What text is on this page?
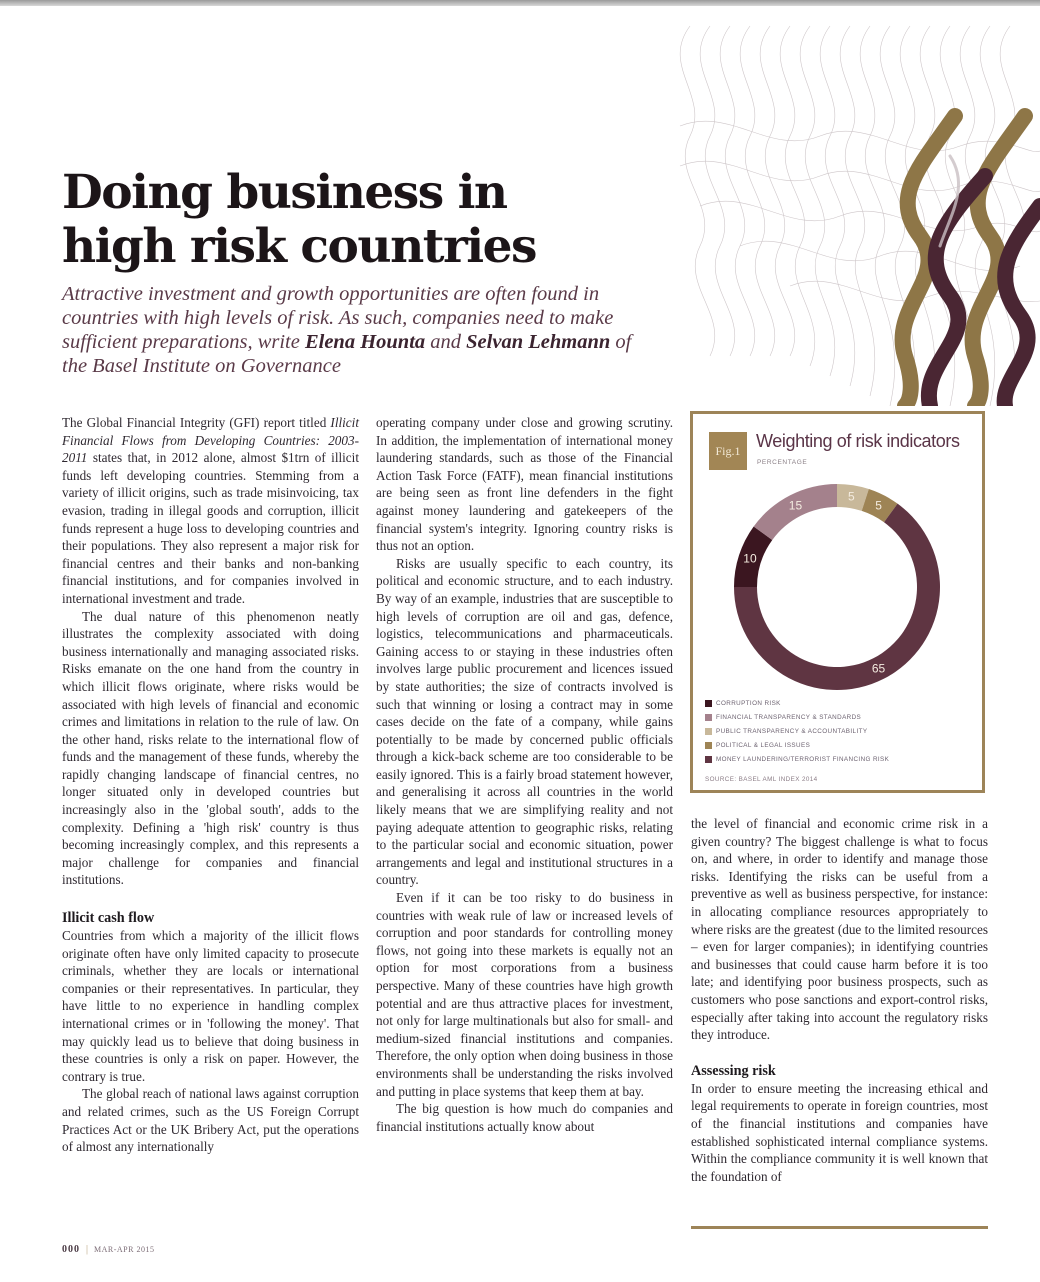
Doing business in
high risk countries

Attractive investment and growth opportunities are often found in countries with high levels of risk. As such, companies need to make sufficient preparations, write Elena Hounta and Selvan Lehmann of the Basel Institute on Governance

The Global Financial Integrity (GFI) report titled Illicit Financial Flows from Developing Countries: 2003-2011 states that, in 2012 alone, almost $1trn of illicit funds left developing countries. Stemming from a variety of illicit origins, such as trade misinvoicing, tax evasion, trading in illegal goods and corruption, illicit funds represent a huge loss to developing countries and their populations. They also represent a major risk for financial centres and their banks and non-banking financial institutions, and for companies involved in international investment and trade.

The dual nature of this phenomenon neatly illustrates the complexity associated with doing business internationally and managing associated risks. Risks emanate on the one hand from the country in which illicit flows originate, where risks would be associated with high levels of financial and economic crimes and limitations in relation to the rule of law. On the other hand, risks relate to the international flow of funds and the management of these funds, whereby the rapidly changing landscape of financial centres, no longer situated only in developed countries but increasingly also in the 'global south', adds to the complexity. Defining a 'high risk' country is thus becoming increasingly complex, and this represents a major challenge for companies and financial institutions.

Illicit cash flow

Countries from which a majority of the illicit flows originate often have only limited capacity to prosecute criminals, whether they are locals or international companies or their representatives. In particular, they have little to no experience in handling complex international crimes or in 'following the money'. That may quickly lead us to believe that doing business in these countries is only a risk on paper. However, the contrary is true.

The global reach of national laws against corruption and related crimes, such as the US Foreign Corrupt Practices Act or the UK Bribery Act, put the operations of almost any internationally

operating company under close and growing scrutiny. In addition, the implementation of international money laundering standards, such as those of the Financial Action Task Force (FATF), mean financial institutions are being seen as front line defenders in the fight against money laundering and gatekeepers of the financial system's integrity. Ignoring country risks is thus not an option.

Risks are usually specific to each country, its political and economic structure, and to each industry. By way of an example, industries that are susceptible to high levels of corruption are oil and gas, defence, logistics, telecommunications and pharmaceuticals. Gaining access to or staying in these industries often involves large public procurement and licences issued by state authorities; the size of contracts involved is such that winning or losing a contract may in some cases decide on the fate of a company, while gains potentially to be made by concerned public officials through a kick-back scheme are too considerable to be easily ignored. This is a fairly broad statement however, and generalising it across all countries in the world likely means that we are simplifying reality and not paying adequate attention to geographic risks, relating to the particular social and economic situation, power arrangements and legal and institutional structures in a country.

Even if it can be too risky to do business in countries with weak rule of law or increased levels of corruption and poor standards for controlling money flows, not going into these markets is equally not an option for most corporations from a business perspective. Many of these countries have high growth potential and are thus attractive places for investment, not only for large multinationals but also for small- and medium-sized financial institutions and companies. Therefore, the only option when doing business in those environments shall be understanding the risks involved and putting in place systems that keep them at bay.

The big question is how much do companies and financial institutions actually know about

Fig.1 Weighting of risk indicators
PERCENTAGE
5
5
65
10
15
CORRUPTION RISK
FINANCIAL TRANSPARENCY & STANDARDS
PUBLIC TRANSPARENCY & ACCOUNTABILITY
POLITICAL & LEGAL ISSUES
MONEY LAUNDERING/TERRORIST FINANCING RISK
SOURCE: BASEL AML INDEX 2014

the level of financial and economic crime risk in a given country? The biggest challenge is what to focus on, and where, in order to identify and manage those risks. Identifying the risks can be useful from a preventive as well as business perspective, for instance: in allocating compliance resources appropriately to where risks are the greatest (due to the limited resources – even for larger companies); in identifying countries and businesses that could cause harm before it is too late; and identifying poor business prospects, such as customers who pose sanctions and export-control risks, especially after taking into account the regulatory risks they introduce.

Assessing risk

In order to ensure meeting the increasing ethical and legal requirements to operate in foreign countries, most of the financial institutions and companies have established sophisticated internal compliance systems. Within the compliance community it is well known that the foundation of

000 | MAR-APR 2015
